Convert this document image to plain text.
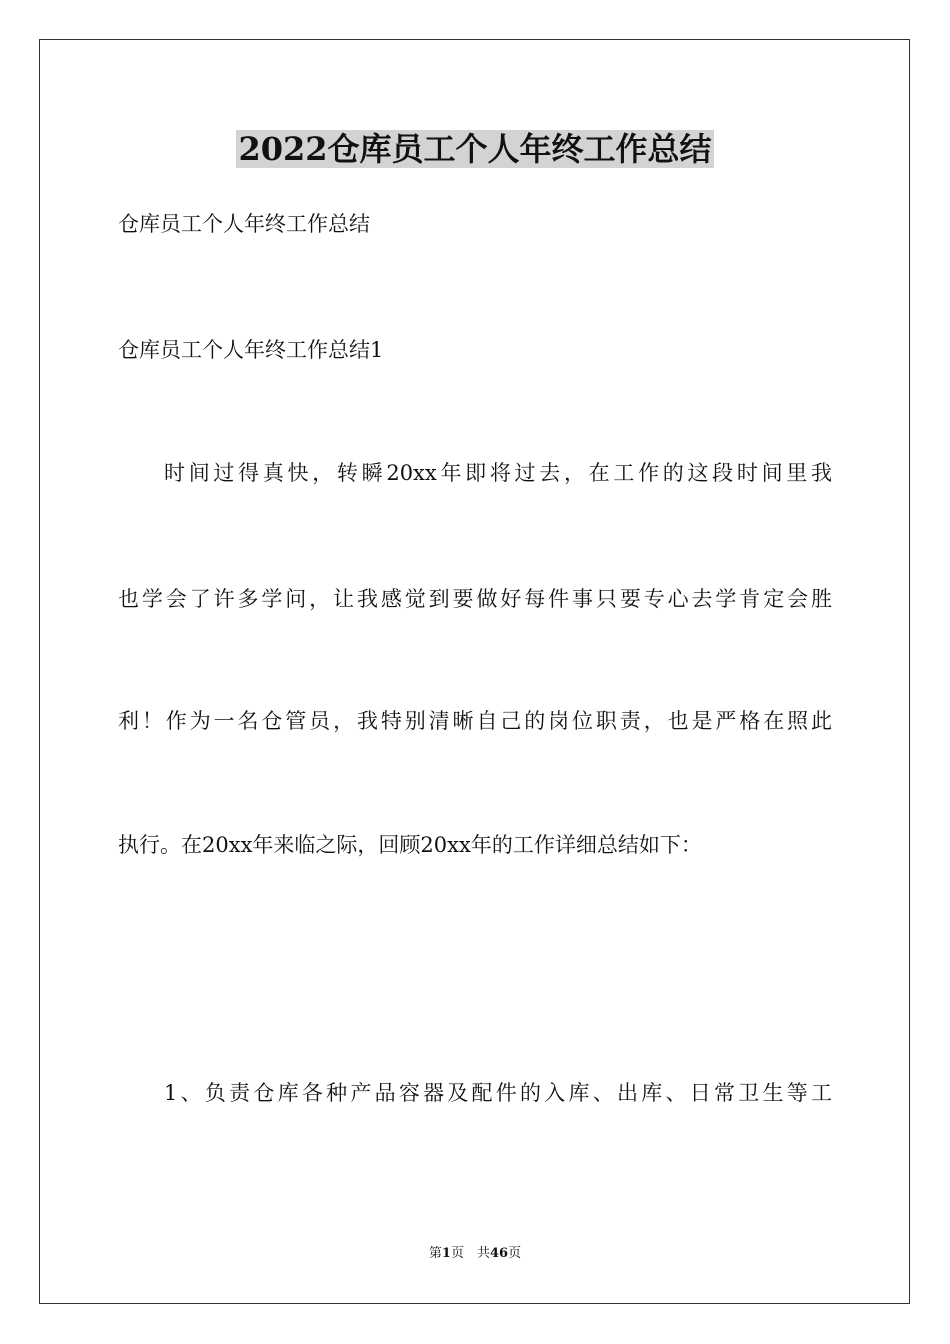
2022仓库员工个人年终工作总结
仓库员工个人年终工作总结
仓库员工个人年终工作总结1
时间过得真快，转瞬20xx年即将过去，在工作的这段时间里我
也学会了许多学问，让我感觉到要做好每件事只要专心去学肯定会胜
利！作为一名仓管员，我特别清晰自己的岗位职责，也是严格在照此
执行。在20xx年来临之际，回顾20xx年的工作详细总结如下：
1、负责仓库各种产品容器及配件的入库、出库、日常卫生等工
第1页　共46页
